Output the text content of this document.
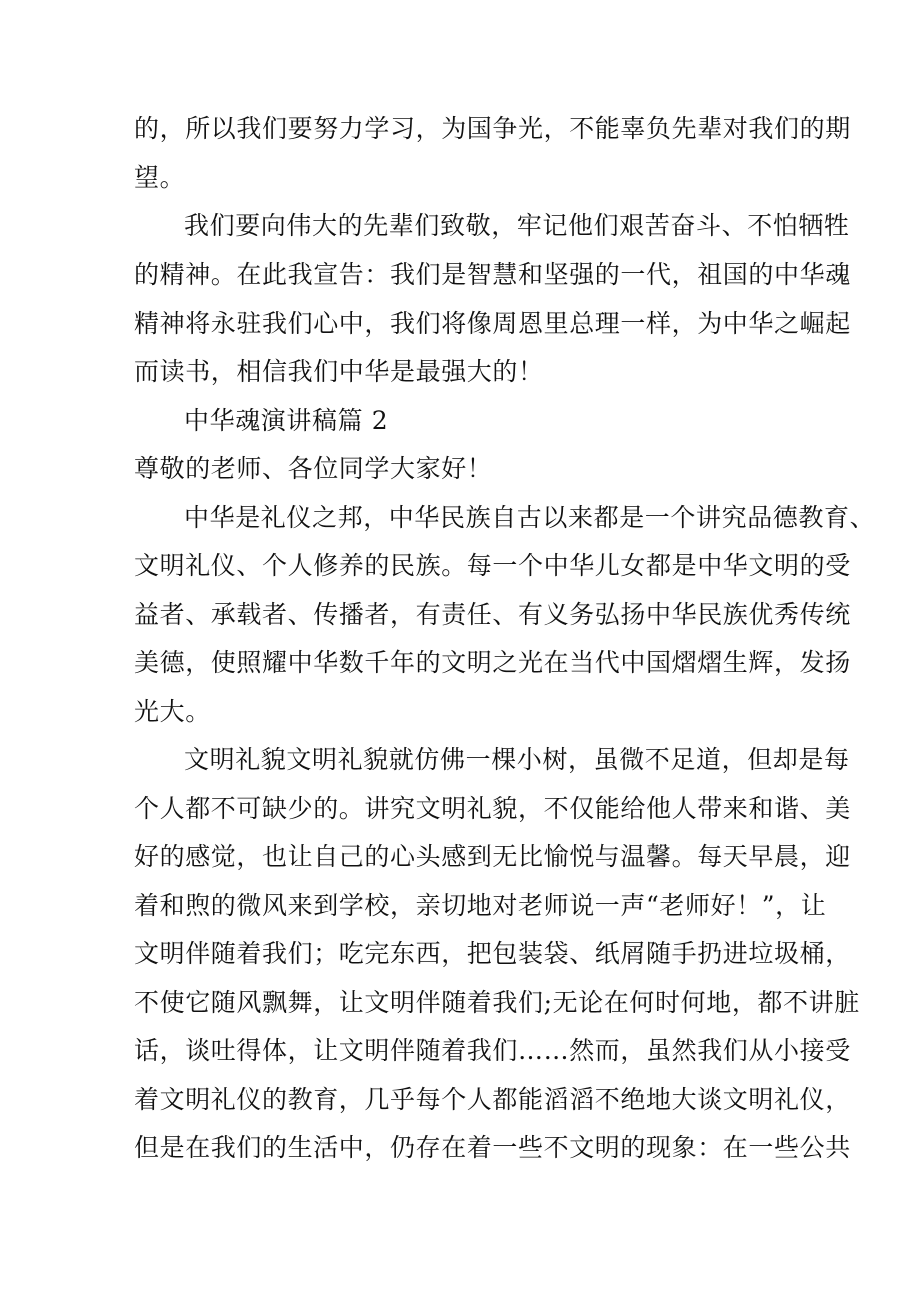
的，所以我们要努力学习，为国争光，不能辜负先辈对我们的期
望。
我们要向伟大的先辈们致敬，牢记他们艰苦奋斗、不怕牺牲
的精神。在此我宣告：我们是智慧和坚强的一代，祖国的中华魂
精神将永驻我们心中，我们将像周恩里总理一样，为中华之崛起
而读书，相信我们中华是最强大的！
中华魂演讲稿篇 2
尊敬的老师、各位同学大家好！
中华是礼仪之邦，中华民族自古以来都是一个讲究品德教育、
文明礼仪、个人修养的民族。每一个中华儿女都是中华文明的受
益者、承载者、传播者，有责任、有义务弘扬中华民族优秀传统
美德，使照耀中华数千年的文明之光在当代中国熠熠生辉，发扬
光大。
文明礼貌文明礼貌就仿佛一棵小树，虽微不足道，但却是每
个人都不可缺少的。讲究文明礼貌，不仅能给他人带来和谐、美
好的感觉，也让自己的心头感到无比愉悦与温馨。每天早晨，迎
着和煦的微风来到学校，亲切地对老师说一声“老师好！”，让
文明伴随着我们；吃完东西，把包装袋、纸屑随手扔进垃圾桶，
不使它随风飘舞，让文明伴随着我们;无论在何时何地，都不讲脏
话，谈吐得体，让文明伴随着我们……然而，虽然我们从小接受
着文明礼仪的教育，几乎每个人都能滔滔不绝地大谈文明礼仪，
但是在我们的生活中，仍存在着一些不文明的现象：在一些公共
